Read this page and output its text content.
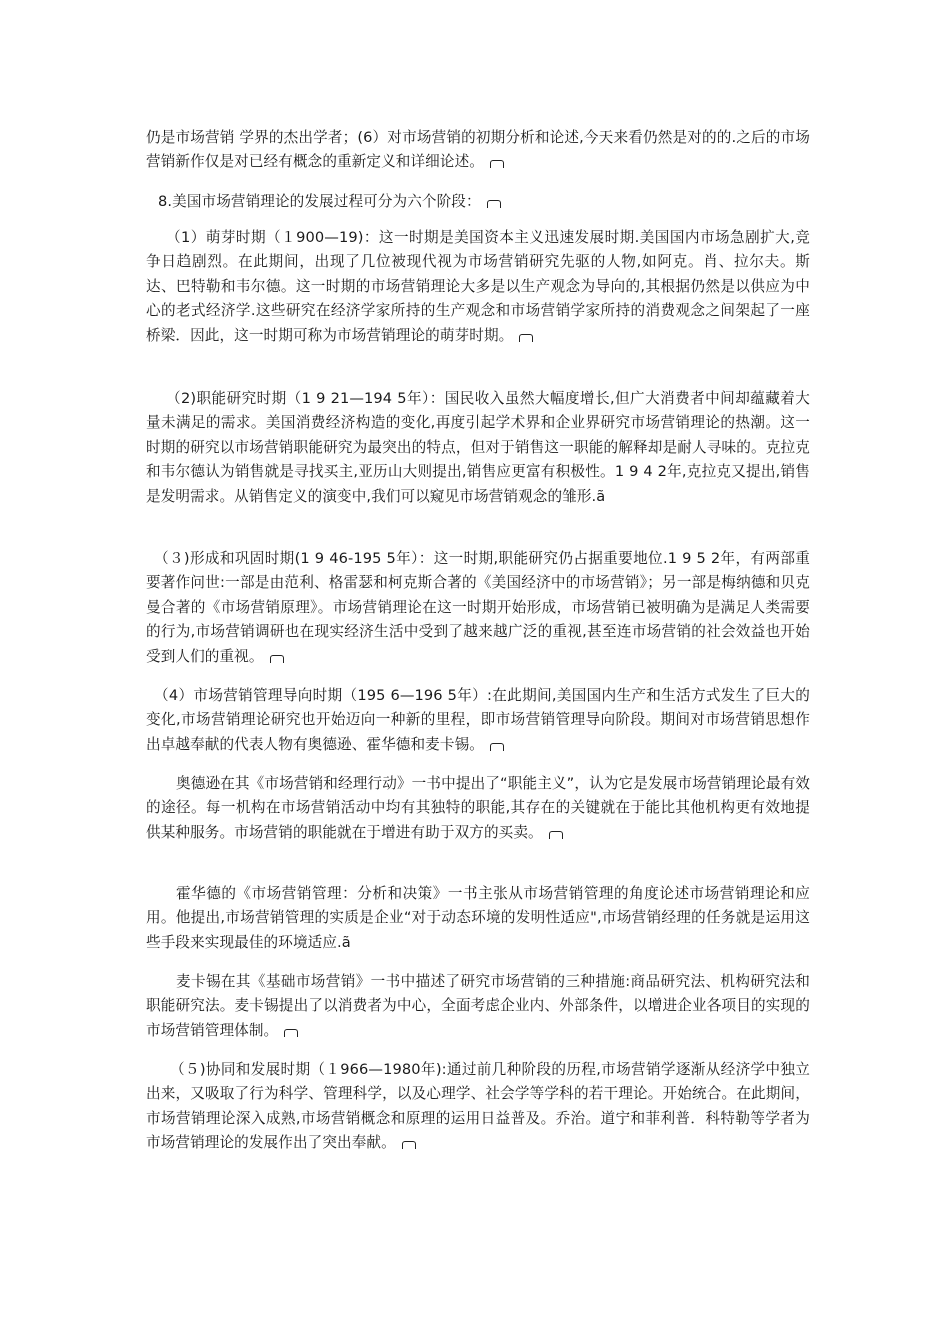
仍是市场营销 学界的杰出学者；(6）对市场营销的初期分析和论述,今天来看仍然是对的的.之后的市场营销新作仅是对已经有概念的重新定义和详细论述。

8.美国市场营销理论的发展过程可分为六个阶段：

（1）萌芽时期（１900—19)：这一时期是美国资本主义迅速发展时期.美国国内市场急剧扩大,竞争日趋剧烈。在此期间，出现了几位被现代视为市场营销研究先驱的人物,如阿克。肖、拉尔夫。斯达、巴特勒和韦尔德。这一时期的市场营销理论大多是以生产观念为导向的,其根据仍然是以供应为中心的老式经济学.这些研究在经济学家所持的生产观念和市场营销学家所持的消费观念之间架起了一座桥梁．因此，这一时期可称为市场营销理论的萌芽时期。

（2)职能研究时期（1 9 21—194 5年）：国民收入虽然大幅度增长,但广大消费者中间却蕴藏着大量未满足的需求。美国消费经济构造的变化,再度引起学术界和企业界研究市场营销理论的热潮。这一时期的研究以市场营销职能研究为最突出的特点，但对于销售这一职能的解释却是耐人寻味的。克拉克和韦尔德认为销售就是寻找买主,亚历山大则提出,销售应更富有积极性。1 9 4 2年,克拉克又提出,销售是发明需求。从销售定义的演变中,我们可以窥见市场营销观念的雏形.ã

（３)形成和巩固时期(1 9 46-195 5年）：这一时期,职能研究仍占据重要地位.1 9 5 2年，有两部重要著作问世:一部是由范利、格雷瑟和柯克斯合著的《美国经济中的市场营销》；另一部是梅纳德和贝克曼合著的《市场营销原理》。市场营销理论在这一时期开始形成，市场营销已被明确为是满足人类需要的行为,市场营销调研也在现实经济生活中受到了越来越广泛的重视,甚至连市场营销的社会效益也开始受到人们的重视。

（4）市场营销管理导向时期（195 6—196 5年）:在此期间,美国国内生产和生活方式发生了巨大的变化,市场营销理论研究也开始迈向一种新的里程，即市场营销管理导向阶段。期间对市场营销思想作出卓越奉献的代表人物有奥德逊、霍华德和麦卡锡。

奥德逊在其《市场营销和经理行动》一书中提出了“职能主义”，认为它是发展市场营销理论最有效的途径。每一机构在市场营销活动中均有其独特的职能,其存在的关键就在于能比其他机构更有效地提供某种服务。市场营销的职能就在于增进有助于双方的买卖。

霍华德的《市场营销管理：分析和决策》一书主张从市场营销管理的角度论述市场营销理论和应用。他提出,市场营销管理的实质是企业“对于动态环境的发明性适应",市场营销经理的任务就是运用这些手段来实现最佳的环境适应.ã

麦卡锡在其《基础市场营销》一书中描述了研究市场营销的三种措施:商品研究法、机构研究法和职能研究法。麦卡锡提出了以消费者为中心，全面考虑企业内、外部条件，以增进企业各项目的实现的市场营销管理体制。

（５)协同和发展时期（１966—1980年):通过前几种阶段的历程,市场营销学逐渐从经济学中独立出来，又吸取了行为科学、管理科学，以及心理学、社会学等学科的若干理论。开始统合。在此期间，市场营销理论深入成熟,市场营销概念和原理的运用日益普及。乔治。道宁和菲利普．科特勒等学者为市场营销理论的发展作出了突出奉献。
